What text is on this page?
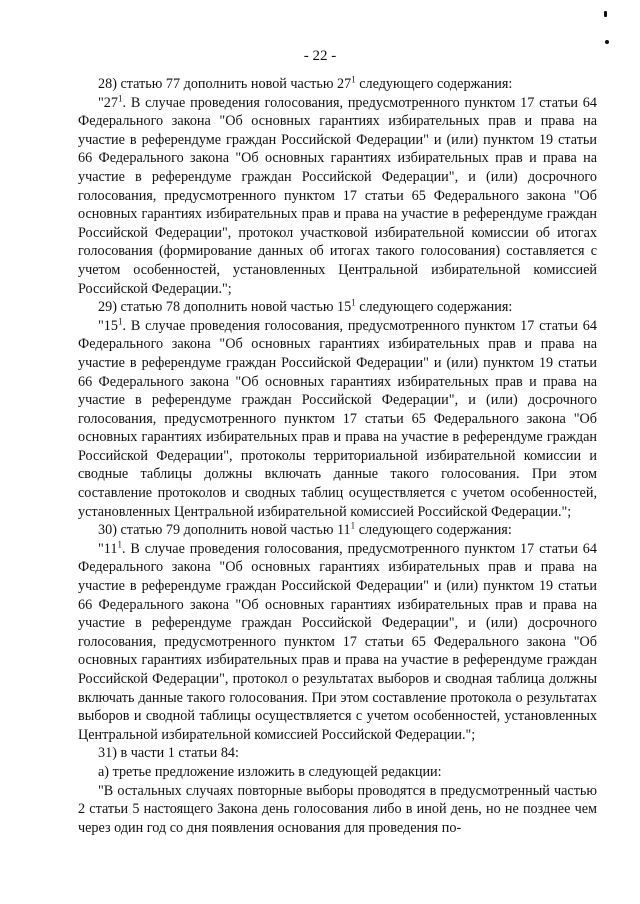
- 22 -

28) статью 77 дополнить новой частью $27^1$ следующего содержания:

"$27^1$. В случае проведения голосования, предусмотренного пунктом 17 статьи 64 Федерального закона "Об основных гарантиях избирательных прав и права на участие в референдуме граждан Российской Федерации" и (или) пунктом 19 статьи 66 Федерального закона "Об основных гарантиях избирательных прав и права на участие в референдуме граждан Российской Федерации", и (или) досрочного голосования, предусмотренного пунктом 17 статьи 65 Федерального закона "Об основных гарантиях избирательных прав и права на участие в референдуме граждан Российской Федерации", протокол участковой избирательной комиссии об итогах голосования (формирование данных об итогах такого голосования) составляется с учетом особенностей, установленных Центральной избирательной комиссией Российской Федерации.";

29) статью 78 дополнить новой частью $15^1$ следующего содержания:

"$15^1$. В случае проведения голосования, предусмотренного пунктом 17 статьи 64 Федерального закона "Об основных гарантиях избирательных прав и права на участие в референдуме граждан Российской Федерации" и (или) пунктом 19 статьи 66 Федерального закона "Об основных гарантиях избирательных прав и права на участие в референдуме граждан Российской Федерации", и (или) досрочного голосования, предусмотренного пунктом 17 статьи 65 Федерального закона "Об основных гарантиях избирательных прав и права на участие в референдуме граждан Российской Федерации", протоколы территориальной избирательной комиссии и сводные таблицы должны включать данные такого голосования. При этом составление протоколов и сводных таблиц осуществляется с учетом особенностей, установленных Центральной избирательной комиссией Российской Федерации.";

30) статью 79 дополнить новой частью $11^1$ следующего содержания:

"$11^1$. В случае проведения голосования, предусмотренного пунктом 17 статьи 64 Федерального закона "Об основных гарантиях избирательных прав и права на участие в референдуме граждан Российской Федерации" и (или) пунктом 19 статьи 66 Федерального закона "Об основных гарантиях избирательных прав и права на участие в референдуме граждан Российской Федерации", и (или) досрочного голосования, предусмотренного пунктом 17 статьи 65 Федерального закона "Об основных гарантиях избирательных прав и права на участие в референдуме граждан Российской Федерации", протокол о результатах выборов и сводная таблица должны включать данные такого голосования. При этом составление протокола о результатах выборов и сводной таблицы осуществляется с учетом особенностей, установленных Центральной избирательной комиссией Российской Федерации.";

31) в части 1 статьи 84:

а) третье предложение изложить в следующей редакции:

"В остальных случаях повторные выборы проводятся в предусмотренный частью 2 статьи 5 настоящего Закона день голосования либо в иной день, но не позднее чем через один год со дня появления основания для проведения по-
